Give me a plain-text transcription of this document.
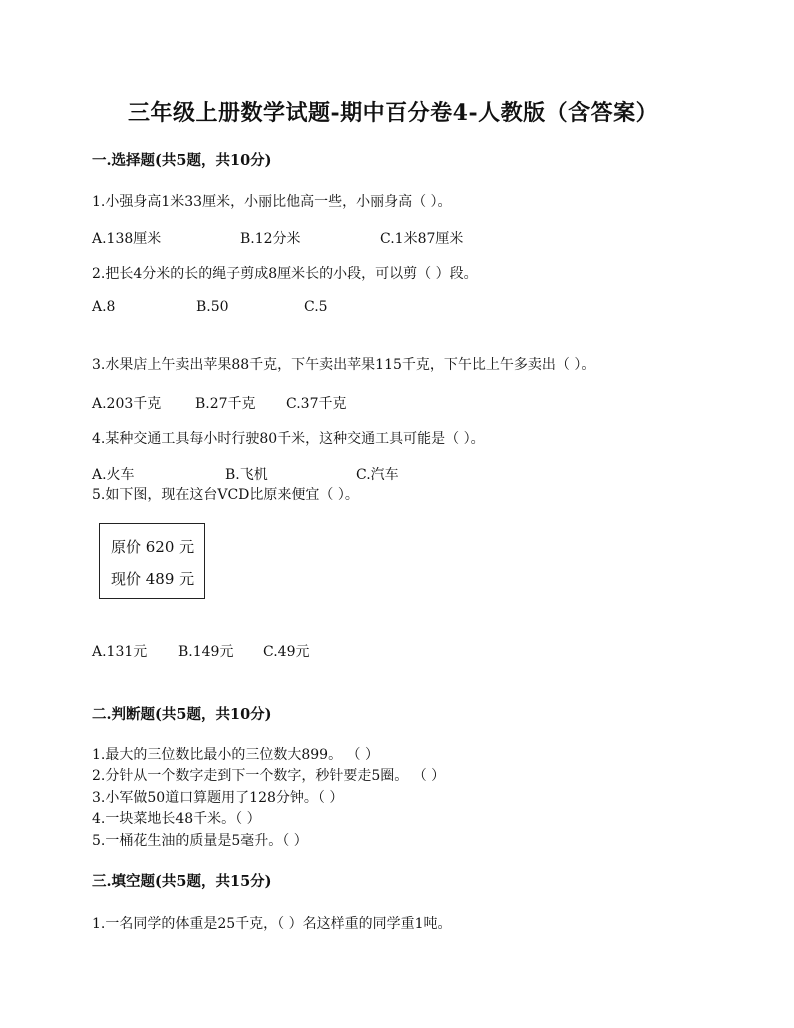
三年级上册数学试题-期中百分卷4-人教版（含答案）
一.选择题(共5题，共10分)
1.小强身高1米33厘米，小丽比他高一些，小丽身高（ ）。
A.138厘米	B.12分米	C.1米87厘米
2.把长4分米的长的绳子剪成8厘米长的小段，可以剪（ ）段。
A.8	B.50	C.5
3.水果店上午卖出苹果88千克，下午卖出苹果115千克，下午比上午多卖出（ ）。
A.203千克 B.27千克 C.37千克
4.某种交通工具每小时行驶80千米，这种交通工具可能是（ ）。
A.火车	B.飞机	C.汽车
5.如下图，现在这台VCD比原来便宜（ ）。
原价 620 元
现价 489 元
A.131元 B.149元 C.49元
二.判断题(共5题，共10分)
1.最大的三位数比最小的三位数大899。 （ ）
2.分针从一个数字走到下一个数字，秒针要走5圈。 （ ）
3.小军做50道口算题用了128分钟。（ ）
4.一块菜地长48千米。（ ）
5.一桶花生油的质量是5毫升。（ ）
三.填空题(共5题，共15分)
1.一名同学的体重是25千克，（ ）名这样重的同学重1吨。
